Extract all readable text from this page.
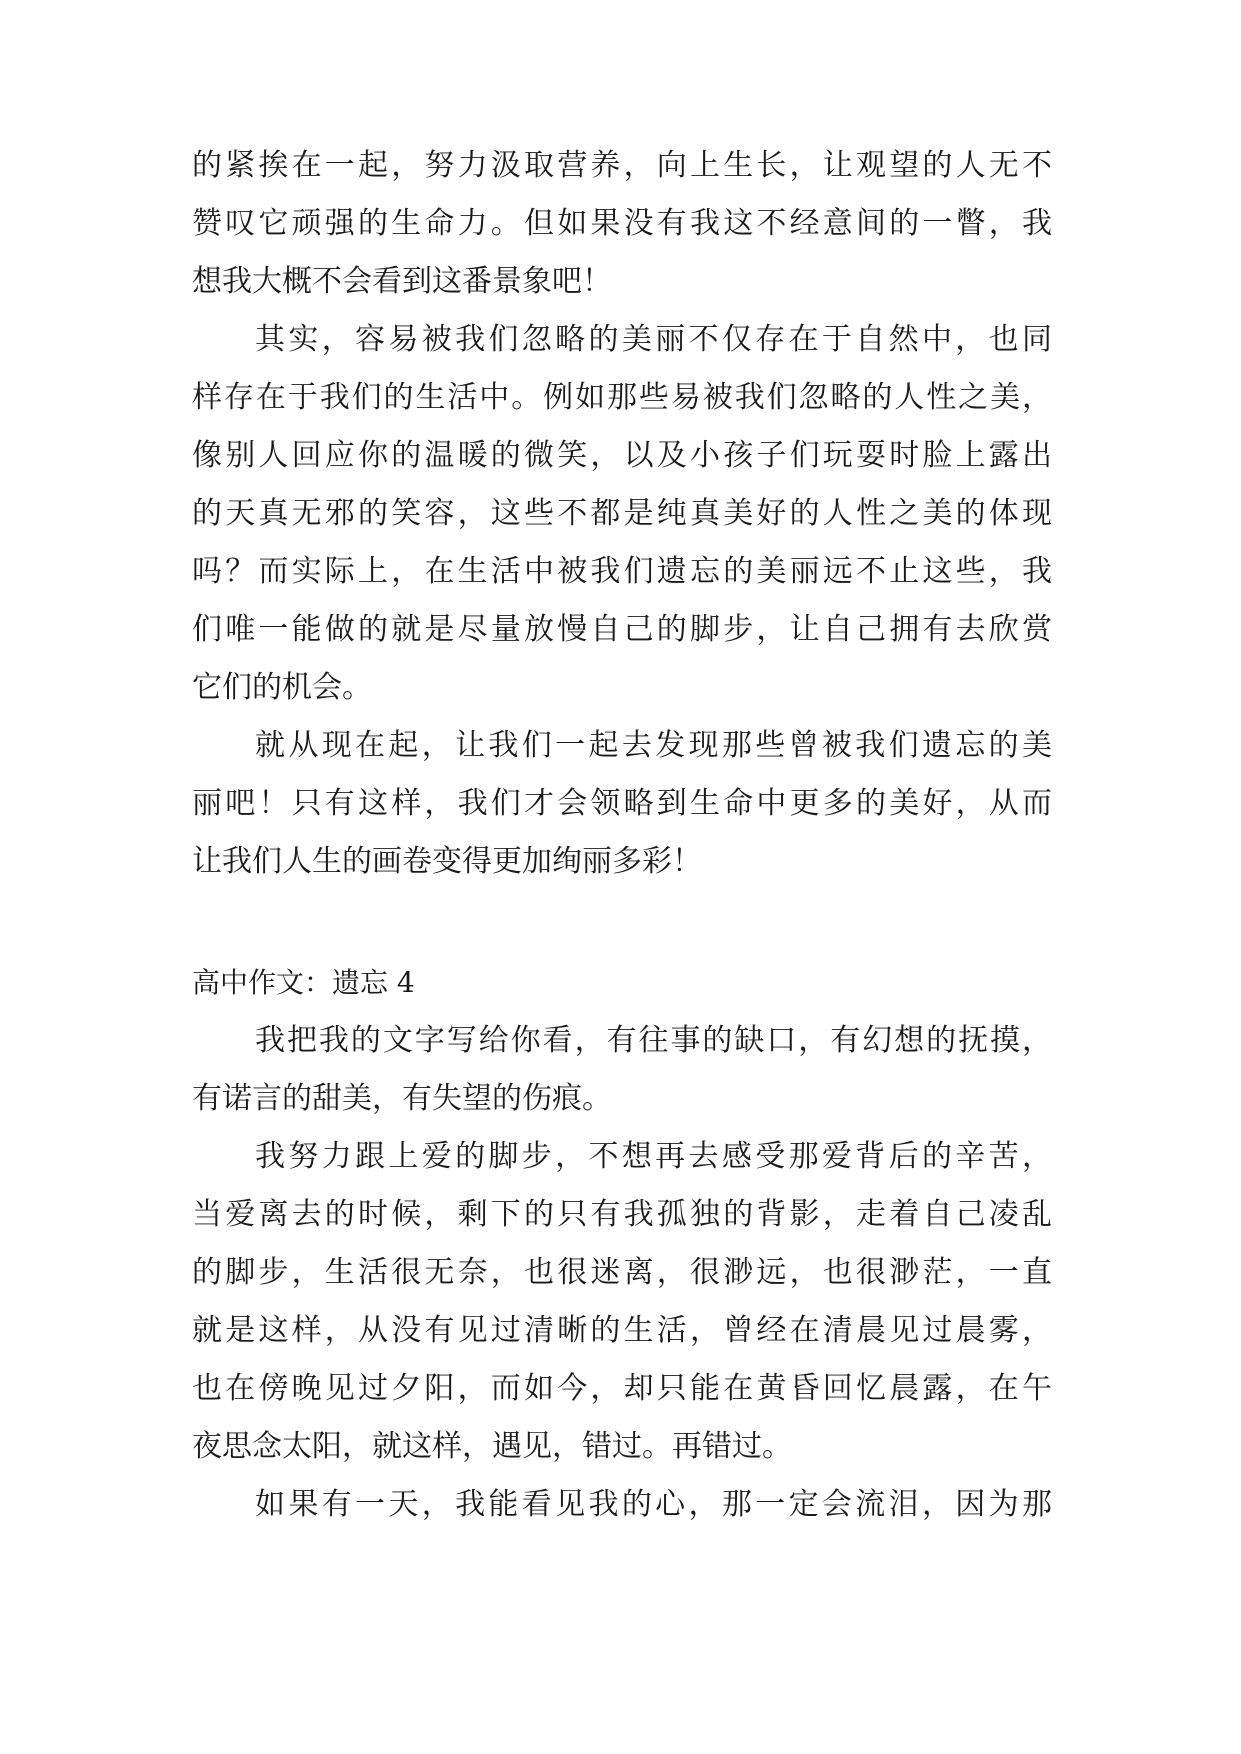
的紧挨在一起，努力汲取营养，向上生长，让观望的人无不
赞叹它顽强的生命力。但如果没有我这不经意间的一瞥，我
想我大概不会看到这番景象吧！
其实，容易被我们忽略的美丽不仅存在于自然中，也同
样存在于我们的生活中。例如那些易被我们忽略的人性之美，
像别人回应你的温暖的微笑，以及小孩子们玩耍时脸上露出
的天真无邪的笑容，这些不都是纯真美好的人性之美的体现
吗？而实际上，在生活中被我们遗忘的美丽远不止这些，我
们唯一能做的就是尽量放慢自己的脚步，让自己拥有去欣赏
它们的机会。
就从现在起，让我们一起去发现那些曾被我们遗忘的美
丽吧！只有这样，我们才会领略到生命中更多的美好，从而
让我们人生的画卷变得更加绚丽多彩！
高中作文：遗忘 4
我把我的文字写给你看，有往事的缺口，有幻想的抚摸，
有诺言的甜美，有失望的伤痕。
我努力跟上爱的脚步，不想再去感受那爱背后的辛苦，
当爱离去的时候，剩下的只有我孤独的背影，走着自己凌乱
的脚步，生活很无奈，也很迷离，很渺远，也很渺茫，一直
就是这样，从没有见过清晰的生活，曾经在清晨见过晨雾，
也在傍晚见过夕阳，而如今，却只能在黄昏回忆晨露，在午
夜思念太阳，就这样，遇见，错过。再错过。
如果有一天，我能看见我的心，那一定会流泪，因为那
